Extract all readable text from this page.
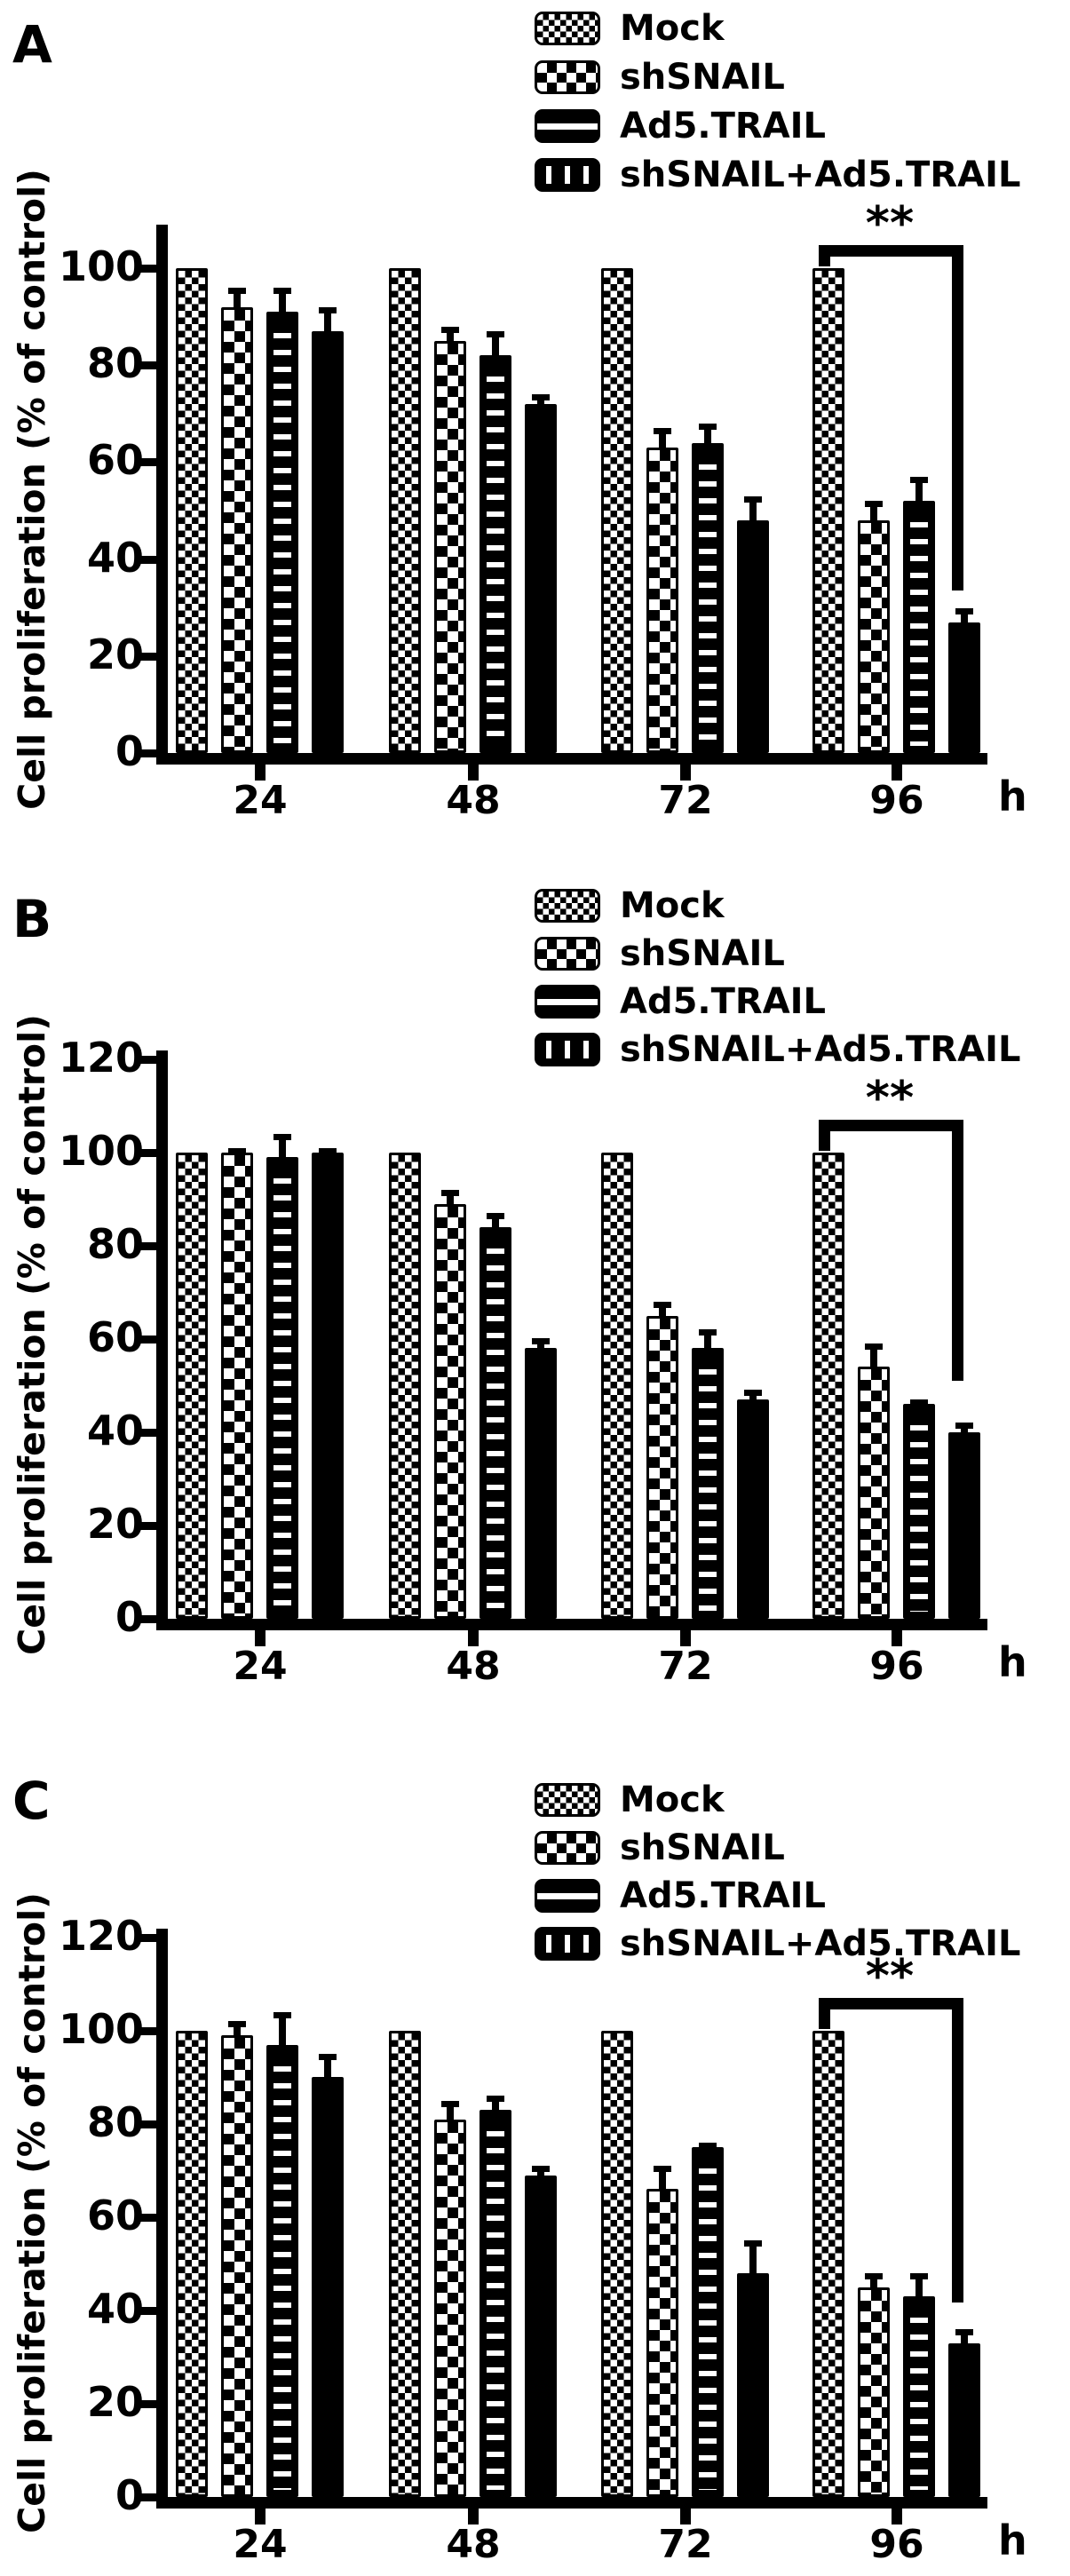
A	Mock
shSNAIL
Ad5.TRAIL
shSNAIL+Ad5.TRAIL
Cell proliferation (% of control)	0
20
40
60
80
100
24	48	72	96	h
**
B	Mock
shSNAIL
Ad5.TRAIL
shSNAIL+Ad5.TRAIL
Cell proliferation (% of control)	0
20
40
60
80
100
120
24	48	72	96	h
**
C	Mock
shSNAIL
Ad5.TRAIL
shSNAIL+Ad5.TRAIL
Cell proliferation (% of control)	0
20
40
60
80
100
120
24	48	72	96	h
**
